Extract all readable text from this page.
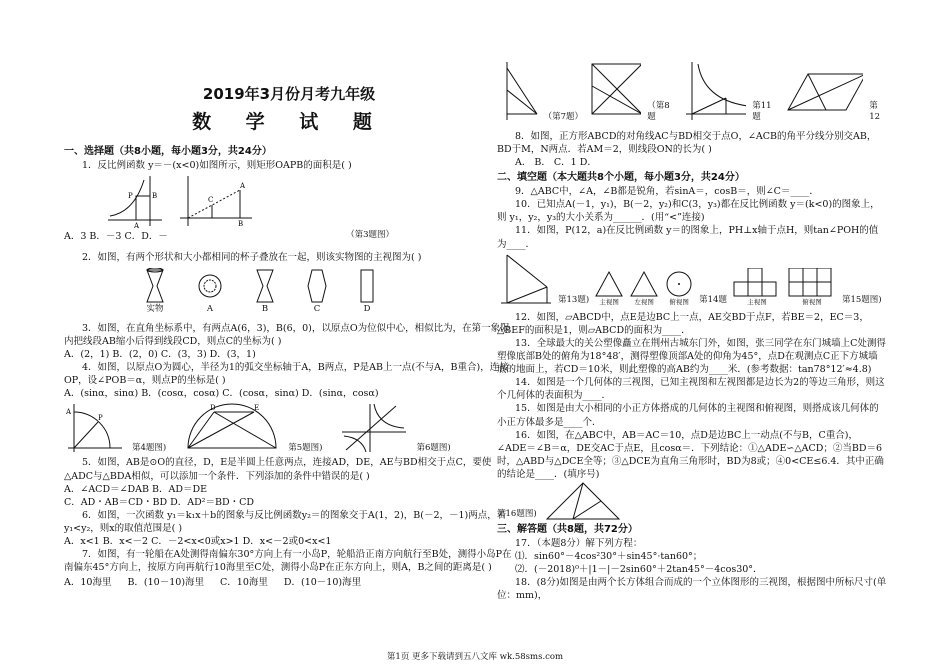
2019年3月份月考九年级
数 学 试 题
一、选择题（共8小题，每小题3分，共24分）

1．反比例函数 y＝－(x<0)如图所示，则矩形OAPB的面积是( )

P	B
A
A
C
B

A．3 B．－3 C．D．－	（第3题图）

2．如图，有两个形状和大小都相同的杯子叠放在一起，则该实物图的主视图为( )

实物	A	B	C	D

3．如图，在直角坐标系中，有两点A(6，3)，B(6，0)，以原点O为位似中心，相似比为，在第一象限内把线段AB缩小后得到线段CD，则点C的坐标为( )

A．(2，1) B．(2，0) C．(3，3) D．(3，1)

4．如图，以原点O为圆心，半径为1的弧交坐标轴于A，B两点，P是AB上一点(不与A，B重合)，连接OP，设∠POB＝α，则点P的坐标是( )

A．(sinα，sinα) B．(cosα，cosα) C．(cosα，sinα) D．(sinα，cosα)

P
A
第4题图)
D	E
第5题图)	第6题图)

5．如图，AB是⊙O的直径，D，E是半圆上任意两点，连接AD，DE，AE与BD相交于点C，要使△ADC与△BDA相似，可以添加一个条件．下列添加的条件中错误的是( )

A．∠ACD＝∠DAB B．AD＝DE

C．AD・AB＝CD・BD D．AD²＝BD・CD

6．如图，一次函数 y₁＝k₁x＋b的图象与反比例函数y₂＝的图象交于A(1，2)，B(－2，－1)两点，若y₁<y₂，则x的取值范围是( )

A．x<1 B．x<－2 C．－2<x<0或x>1 D．x<－2或0<x<1

7．如图，有一轮船在A处测得南偏东30°方向上有一小岛P，轮船沿正南方向航行至B处，测得小岛P在南偏东45°方向上，按原方向再航行10海里至C处，测得小岛P在正东方向上，则A，B之间的距离是( )

A．10海里 B．(10－10)海里 C．10海里 D．(10－10)海里
（第7题）
（第8题
第11题
第12

8．如图，正方形ABCD的对角线AC与BD相交于点O，∠ACB的角平分线分别交AB，BD于M，N两点．若AM＝2，则线段ON的长为( )

A． B． C．1 D．

二、填空题（本大题共8个小题，每小题3分，共24分）

9．△ABC中，∠A，∠B都是锐角，若sinA＝，cosB＝，则∠C＝____．

10．已知点A(－1，y₁)，B(－2，y₂)和C(3，y₃)都在反比例函数 y＝(k<0)的图象上，则 y₁，y₂，y₃的大小关系为______．(用“<”连接)

11．如图，P(12，a)在反比例函数 y＝的图象上，PH⊥x轴于点H，则tan∠POH的值为____．

第13题)	主视图	左视图	俯视图	第14题	主视图	俯视图	第15题图)

12．如图，▱ABCD中，点E是边BC上一点，AE交BD于点F，若BE＝2，EC＝3，△BEF的面积是1，则▱ABCD的面积为____．

13．全球最大的关公塑像矗立在荆州古城东门外，如图，张三同学在东门城墙上C处测得塑像底部B处的俯角为18°48′，测得塑像顶部A处的仰角为45°，点D在观测点C正下方城墙底的地面上，若CD＝10米，则此塑像的高AB约为____米．(参考数据：tan78°12′≈4.8)

14．如图是一个几何体的三视图，已知主视图和左视图都是边长为2的等边三角形，则这个几何体的表面积为____．

15．如图是由大小相同的小正方体搭成的几何体的主视图和俯视图，则搭成该几何体的小正方体最多是____个．

16．如图，在△ABC中，AB＝AC＝10，点D是边BC上一动点(不与B，C重合)，∠ADE＝∠B＝α，DE交AC于点E，且cosα＝．下列结论：①△ADE∽△ACD；②当BD＝6时，△ABD与△DCE全等；③△DCE为直角三角形时，BD为8或；④0<CE≤6.4．其中正确的结论是____．(填序号)

第16题图)
三、解答题（共8题，共72分）

17．（本题8分）解下列方程：

⑴．sin60°－4cos²30°＋sin45°·tan60°；

⑵．(－2018)⁰＋|1－|－2sin60°＋2tan45°－4cos30°．

18．(8分)如图是由两个长方体组合而成的一个立体图形的三视图，根据图中所标尺寸(单位：mm)，

第1页 更多下载请到五八文库 wk.58sms.com
